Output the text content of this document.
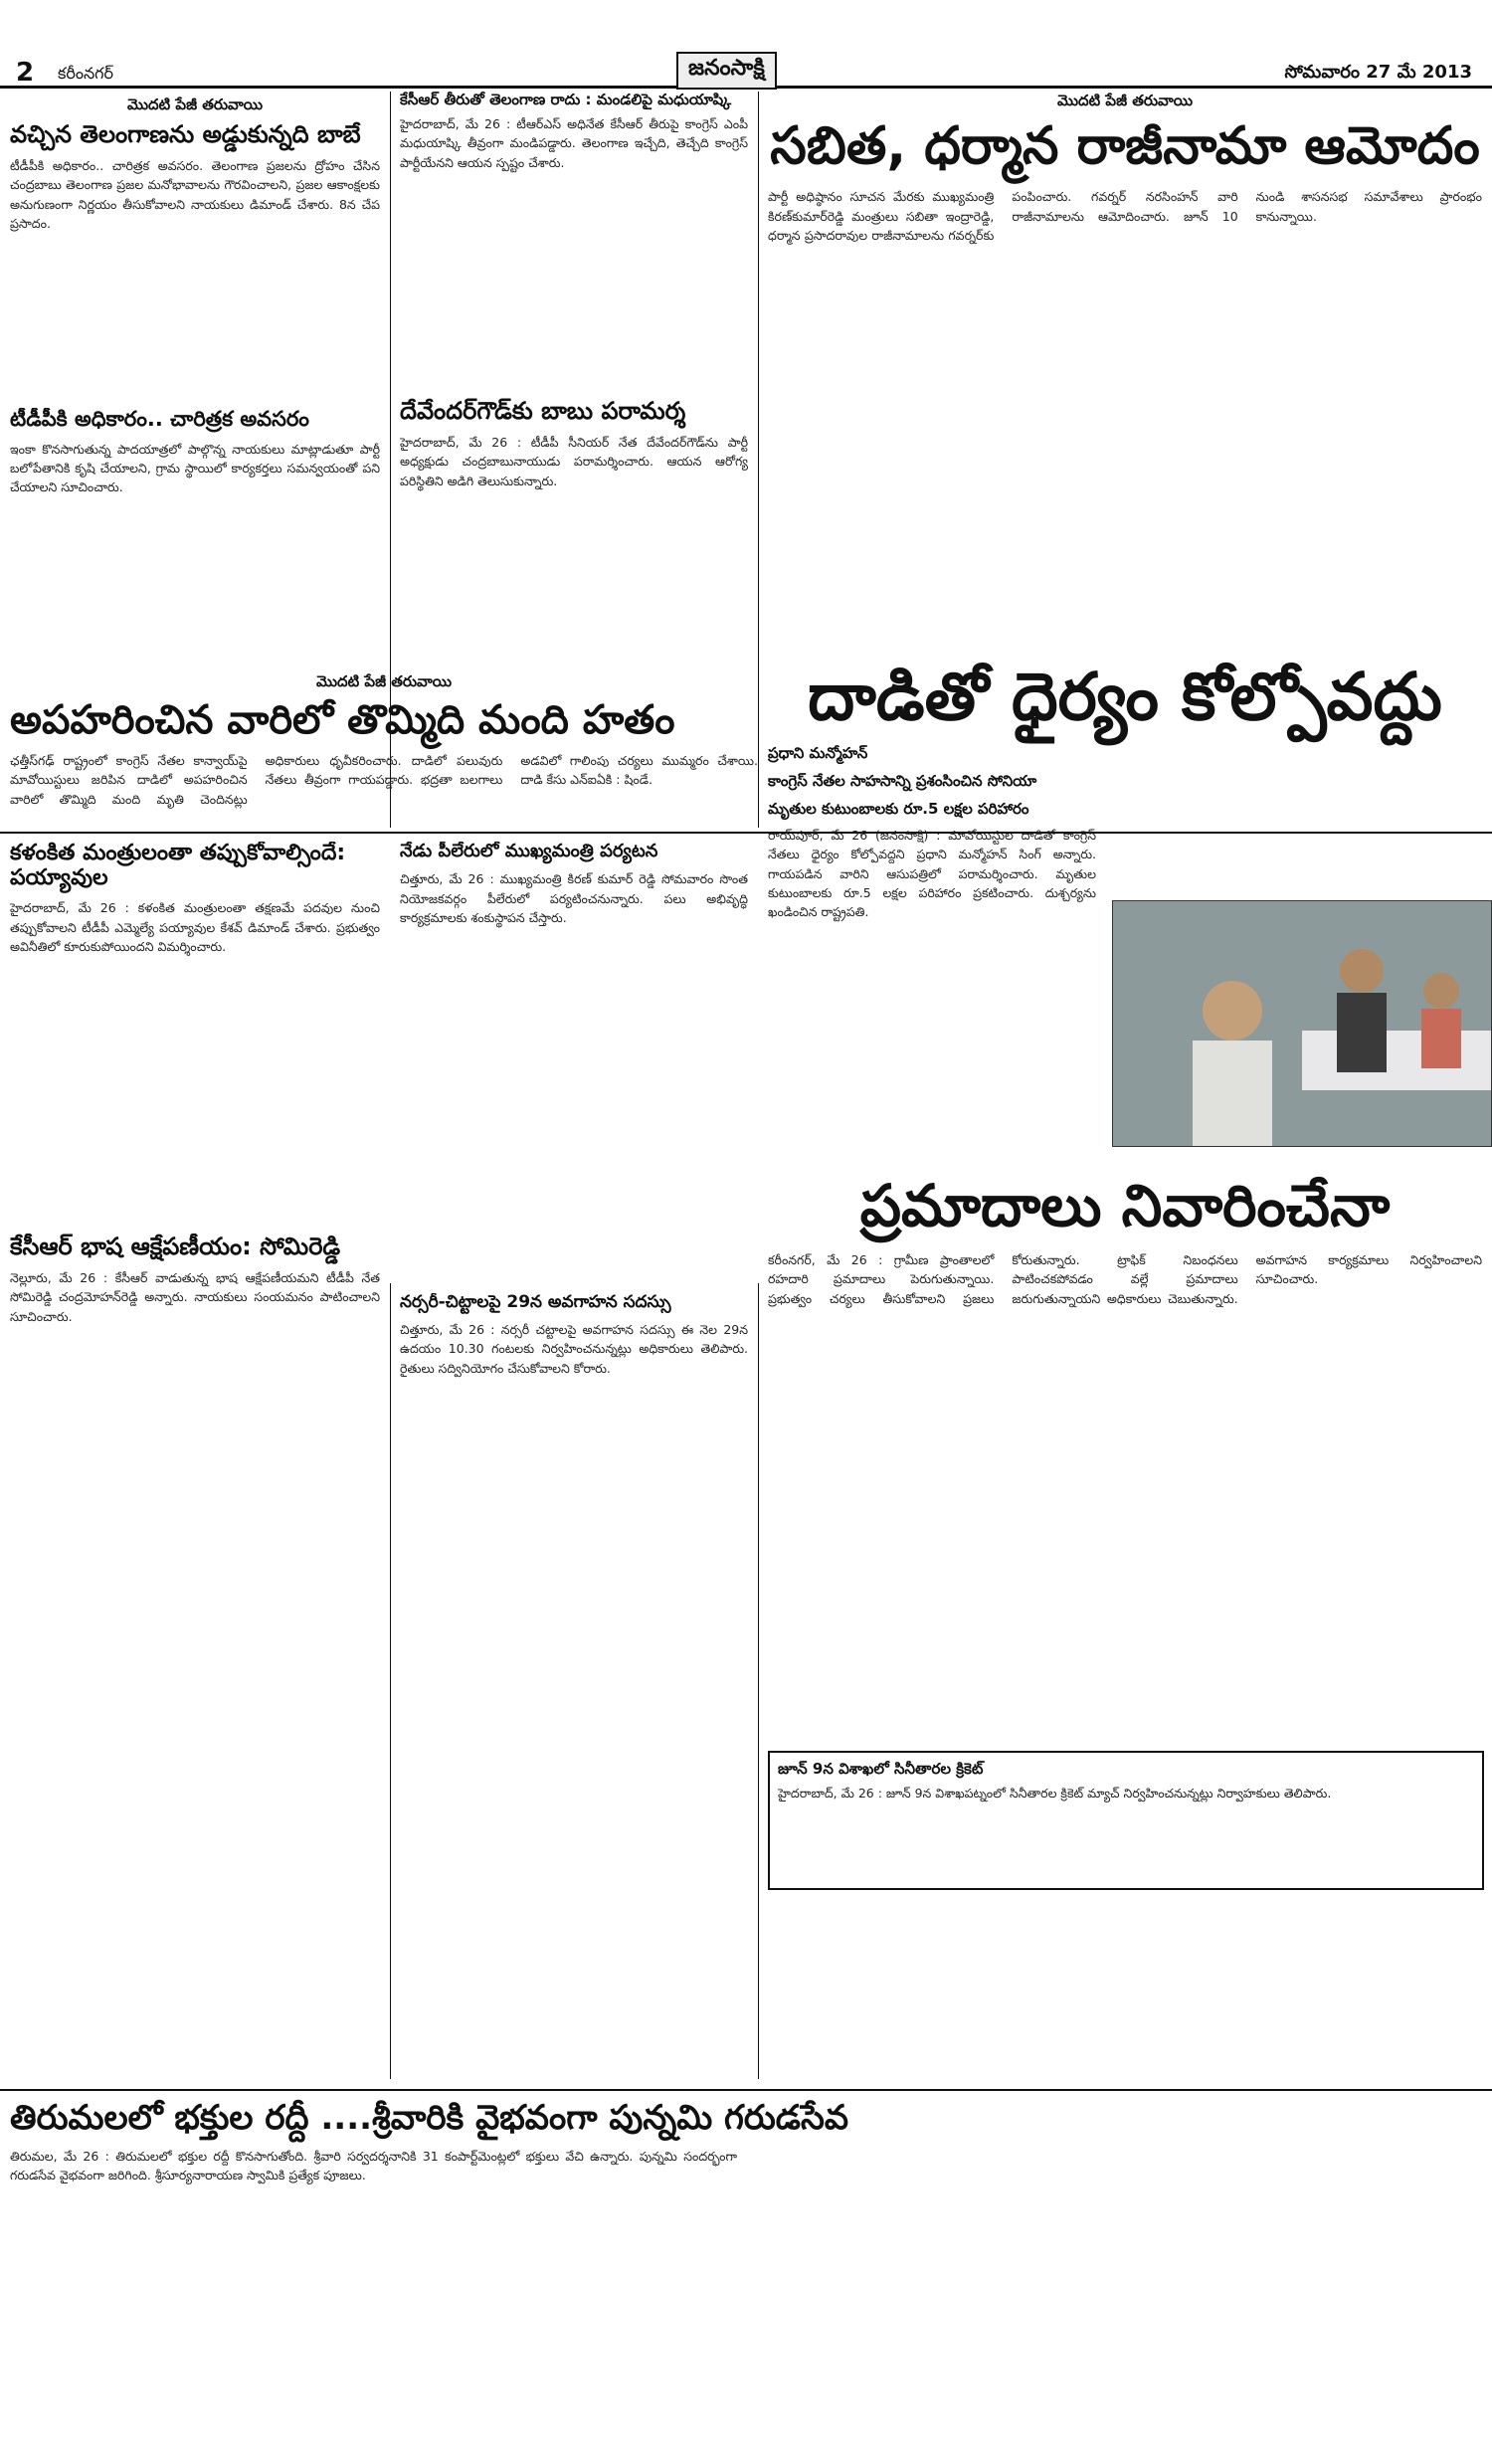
2 కరీంనగర్	జనంసాక్షి	సోమవారం 27 మే 2013

మొదటి పేజీ తరువాయి

వచ్చిన తెలంగాణను అడ్డుకున్నది బాబే

టీడీపీకి అధికారం.. చారిత్రక అవసరం. తెలంగాణ ప్రజలను ద్రోహం చేసిన చంద్రబాబు తెలంగాణ ప్రజల మనోభావాలను గౌరవించాలని, ప్రజల ఆకాంక్షలకు అనుగుణంగా నిర్ణయం తీసుకోవాలని నాయకులు డిమాండ్ చేశారు. 8న చేప ప్రసాదం.

టీడీపీకి అధికారం.. చారిత్రక అవసరం

ఇంకా కొనసాగుతున్న పాదయాత్రలో పాల్గొన్న నాయకులు మాట్లాడుతూ పార్టీ బలోపేతానికి కృషి చేయాలని, గ్రామ స్థాయిలో కార్యకర్తలు సమన్వయంతో పని చేయాలని సూచించారు.

కేసీఆర్ తీరుతో తెలంగాణ రాదు : మండలిపై మధుయాష్కి

హైదరాబాద్, మే 26 : టీఆర్ఎస్ అధినేత కేసీఆర్ తీరుపై కాంగ్రెస్ ఎంపీ మధుయాష్కి తీవ్రంగా మండిపడ్డారు. తెలంగాణ ఇచ్చేది, తెచ్చేది కాంగ్రెస్ పార్టీయేనని ఆయన స్పష్టం చేశారు.

దేవేందర్‌గౌడ్‌కు బాబు పరామర్శ

హైదరాబాద్, మే 26 : టీడీపీ సీనియర్ నేత దేవేందర్‌గౌడ్‌ను పార్టీ అధ్యక్షుడు చంద్రబాబునాయుడు పరామర్శించారు. ఆయన ఆరోగ్య పరిస్థితిని అడిగి తెలుసుకున్నారు.

మొదటి పేజీ తరువాయి

సబిత, ధర్మాన రాజీనామా ఆమోదం

పార్టీ అధిష్ఠానం సూచన మేరకు ముఖ్యమంత్రి కిరణ్‌కుమార్‌రెడ్డి మంత్రులు సబితా ఇంద్రారెడ్డి, ధర్మాన ప్రసాదరావుల రాజీనామాలను గవర్నర్‌కు పంపించారు. గవర్నర్ నరసింహన్ వారి రాజీనామాలను ఆమోదించారు. జూన్ 10 నుండి శాసనసభ సమావేశాలు ప్రారంభం కానున్నాయి.

మొదటి పేజీ తరువాయి

అపహరించిన వారిలో తొమ్మిది మంది హతం

ఛత్తీస్‌గఢ్ రాష్ట్రంలో కాంగ్రెస్ నేతల కాన్వాయ్‌పై మావోయిస్టులు జరిపిన దాడిలో అపహరించిన వారిలో తొమ్మిది మంది మృతి చెందినట్లు అధికారులు ధృవీకరించారు. దాడిలో పలువురు నేతలు తీవ్రంగా గాయపడ్డారు. భద్రతా బలగాలు అడవిలో గాలింపు చర్యలు ముమ్మరం చేశాయి. దాడి కేసు ఎన్ఐఏకి : షిండే.

దాడితో ధైర్యం కోల్పోవద్దు

ప్రధాని మన్మోహన్

కాంగ్రెస్ నేతల సాహసాన్ని ప్రశంసించిన సోనియా

మృతుల కుటుంబాలకు రూ.5 లక్షల పరిహారం

రాయ్‌పూర్, మే 26 (జనంసాక్షి) : మావోయిస్టుల దాడితో కాంగ్రెస్ నేతలు ధైర్యం కోల్పోవద్దని ప్రధాని మన్మోహన్ సింగ్ అన్నారు. గాయపడిన వారిని ఆసుపత్రిలో పరామర్శించారు. మృతుల కుటుంబాలకు రూ.5 లక్షల పరిహారం ప్రకటించారు. దుశ్చర్యను ఖండించిన రాష్ట్రపతి.

కళంకిత మంత్రులంతా తప్పుకోవాల్సిందే: పయ్యావుల

హైదరాబాద్, మే 26 : కళంకిత మంత్రులంతా తక్షణమే పదవుల నుంచి తప్పుకోవాలని టీడీపీ ఎమ్మెల్యే పయ్యావుల కేశవ్ డిమాండ్ చేశారు. ప్రభుత్వం అవినీతిలో కూరుకుపోయిందని విమర్శించారు.

కేసీఆర్ భాష ఆక్షేపణీయం: సోమిరెడ్డి

నెల్లూరు, మే 26 : కేసీఆర్ వాడుతున్న భాష ఆక్షేపణీయమని టీడీపీ నేత సోమిరెడ్డి చంద్రమోహన్‌రెడ్డి అన్నారు. నాయకులు సంయమనం పాటించాలని సూచించారు.

నేడు పీలేరులో ముఖ్యమంత్రి పర్యటన

చిత్తూరు, మే 26 : ముఖ్యమంత్రి కిరణ్ కుమార్ రెడ్డి సోమవారం సొంత నియోజకవర్గం పీలేరులో పర్యటించనున్నారు. పలు అభివృద్ధి కార్యక్రమాలకు శంకుస్థాపన చేస్తారు.

నర్సరీ-చిట్టాలపై 29న అవగాహన సదస్సు

చిత్తూరు, మే 26 : నర్సరీ చట్టాలపై అవగాహన సదస్సు ఈ నెల 29న ఉదయం 10.30 గంటలకు నిర్వహించనున్నట్లు అధికారులు తెలిపారు. రైతులు సద్వినియోగం చేసుకోవాలని కోరారు.

ప్రమాదాలు నివారించేనా

కరీంనగర్, మే 26 : గ్రామీణ ప్రాంతాలలో రహదారి ప్రమాదాలు పెరుగుతున్నాయి. ప్రభుత్వం చర్యలు తీసుకోవాలని ప్రజలు కోరుతున్నారు. ట్రాఫిక్ నిబంధనలు పాటించకపోవడం వల్లే ప్రమాదాలు జరుగుతున్నాయని అధికారులు చెబుతున్నారు. అవగాహన కార్యక్రమాలు నిర్వహించాలని సూచించారు.

జూన్ 9న విశాఖలో సినీతారల క్రికెట్

హైదరాబాద్, మే 26 : జూన్ 9న విశాఖపట్నంలో సినీతారల క్రికెట్ మ్యాచ్ నిర్వహించనున్నట్లు నిర్వాహకులు తెలిపారు.

తిరుమలలో భక్తుల రద్దీ ....శ్రీవారికి వైభవంగా పున్నమి గరుడసేవ

తిరుమల, మే 26 : తిరుమలలో భక్తుల రద్దీ కొనసాగుతోంది. శ్రీవారి సర్వదర్శనానికి 31 కంపార్ట్‌మెంట్లలో భక్తులు వేచి ఉన్నారు. పున్నమి సందర్భంగా గరుడసేవ వైభవంగా జరిగింది. శ్రీసూర్యనారాయణ స్వామికి ప్రత్యేక పూజలు.
